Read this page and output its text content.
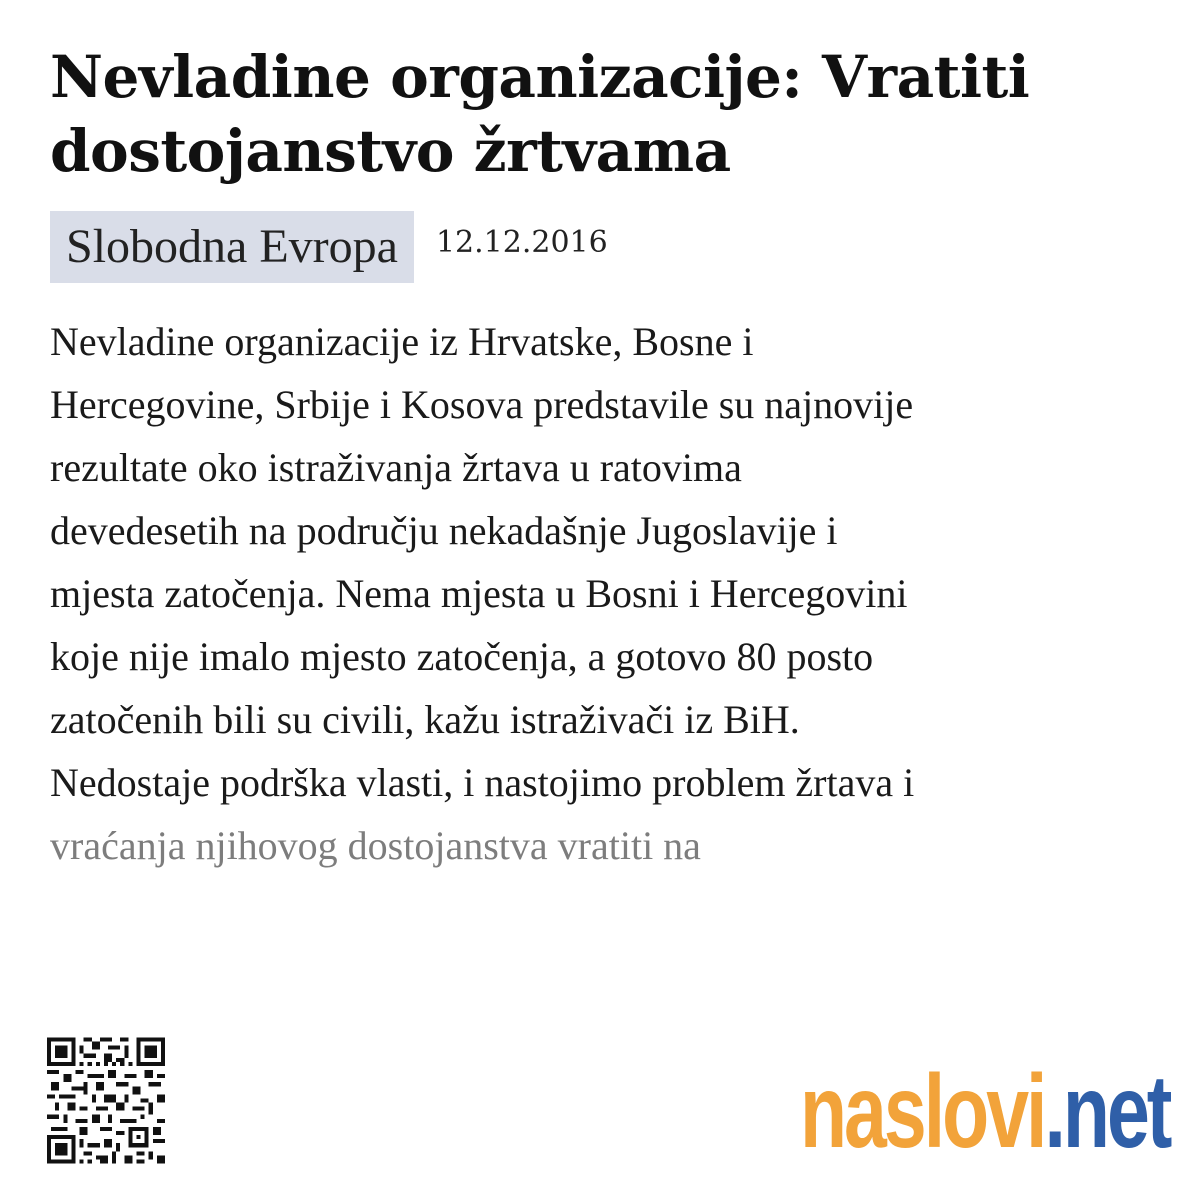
Nevladine organizacije: Vratiti dostojanstvo žrtvama
Slobodna Evropa	12.12.2016
Nevladine organizacije iz Hrvatske, Bosne i
Hercegovine, Srbije i Kosova predstavile su najnovije
rezultate oko istraživanja žrtava u ratovima
devedesetih na području nekadašnje Jugoslavije i
mjesta zatočenja. Nema mjesta u Bosni i Hercegovini
koje nije imalo mjesto zatočenja, a gotovo 80 posto
zatočenih bili su civili, kažu istraživači iz BiH.
Nedostaje podrška vlasti, i nastojimo problem žrtava i
vraćanja njihovog dostojanstva vratiti na
naslovi.net
